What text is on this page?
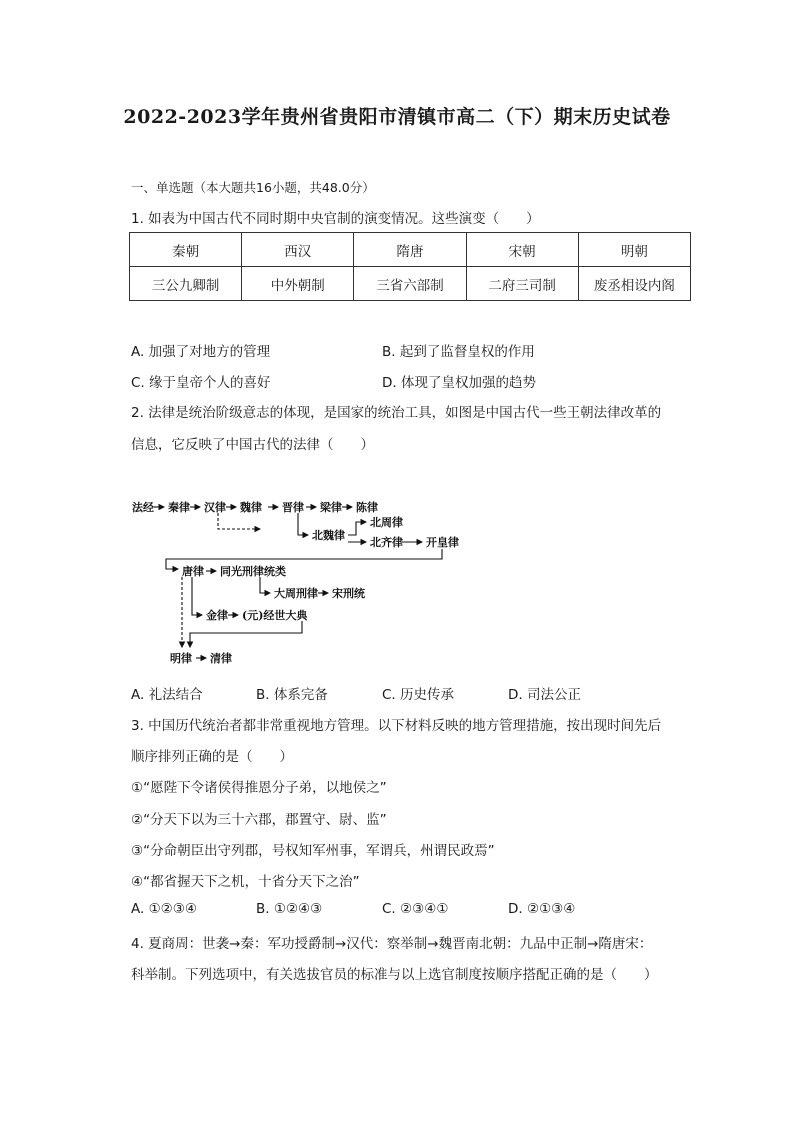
2022-2023学年贵州省贵阳市清镇市高二（下）期末历史试卷
一、单选题（本大题共16小题，共48.0分）
1. 如表为中国古代不同时期中央官制的演变情况。这些演变（　　）
秦朝	西汉	隋唐	宋朝	明朝
三公九卿制	中外朝制	三省六部制	二府三司制	废丞相设内阁
A. 加强了对地方的管理	B. 起到了监督皇权的作用
C. 缘于皇帝个人的喜好	D. 体现了皇权加强的趋势
2. 法律是统治阶级意志的体现，是国家的统治工具，如图是中国古代一些王朝法律改革的
信息，它反映了中国古代的法律（　　）
法经 秦律 汉律 魏律 晋律 梁律 陈律
北魏律
北周律
北齐律 开皇律
唐律 同光刑律统类
大周刑律 宋刑统
金律 (元)经世大典
明律 清律
A. 礼法结合	B. 体系完备	C. 历史传承	D. 司法公正
3. 中国历代统治者都非常重视地方管理。以下材料反映的地方管理措施，按出现时间先后
顺序排列正确的是（　　）
①“愿陛下令诸侯得推恩分子弟，以地侯之”
②“分天下以为三十六郡，郡置守、尉、监”
③“分命朝臣出守列郡，号权知军州事，军谓兵，州谓民政焉”
④“都省握天下之机，十省分天下之治”
A. ①②③④	B. ①②④③	C. ②③④①	D. ②①③④
4. 夏商周：世袭→秦：军功授爵制→汉代：察举制→魏晋南北朝：九品中正制→隋唐宋：
科举制。下列选项中，有关选拔官员的标准与以上选官制度按顺序搭配正确的是（　　）
